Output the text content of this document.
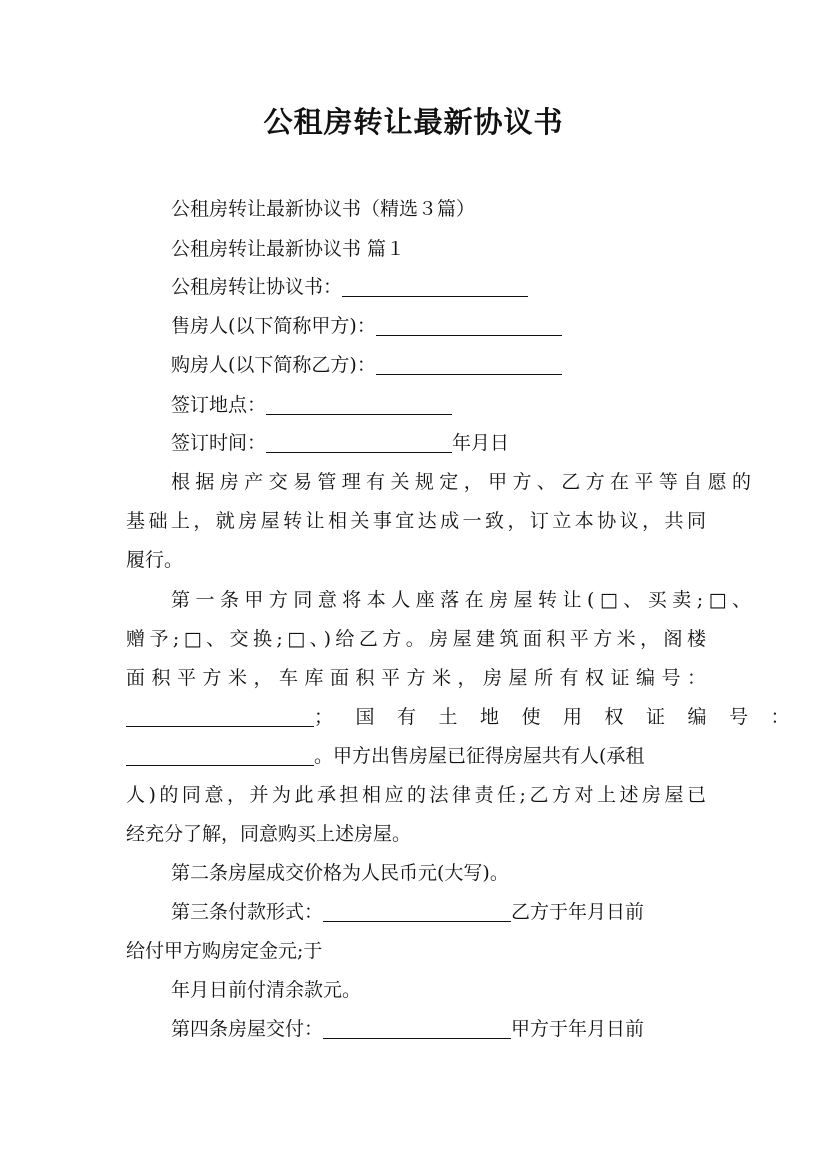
公租房转让最新协议书
公租房转让最新协议书（精选３篇）
公租房转让最新协议书 篇１
公租房转让协议书：
售房人(以下简称甲方)：
购房人(以下简称乙方)：
签订地点：
签订时间：	年月日
根据房产交易管理有关规定，甲方、乙方在平等自愿的
基础上，就房屋转让相关事宜达成一致，订立本协议，共同
履行。
第一条甲方同意将本人座落在房屋转让(□、买卖;□、
赠予;□、交换;□、)给乙方。房屋建筑面积平方米，阁楼
面积平方米，车库面积平方米，房屋所有权证编号：
；国有土地使用权证编号：
。甲方出售房屋已征得房屋共有人(承租
人)的同意，并为此承担相应的法律责任;乙方对上述房屋已
经充分了解，同意购买上述房屋。
第二条房屋成交价格为人民币元(大写)。
第三条付款形式：	乙方于年月日前
给付甲方购房定金元;于
年月日前付清余款元。
第四条房屋交付：	甲方于年月日前
